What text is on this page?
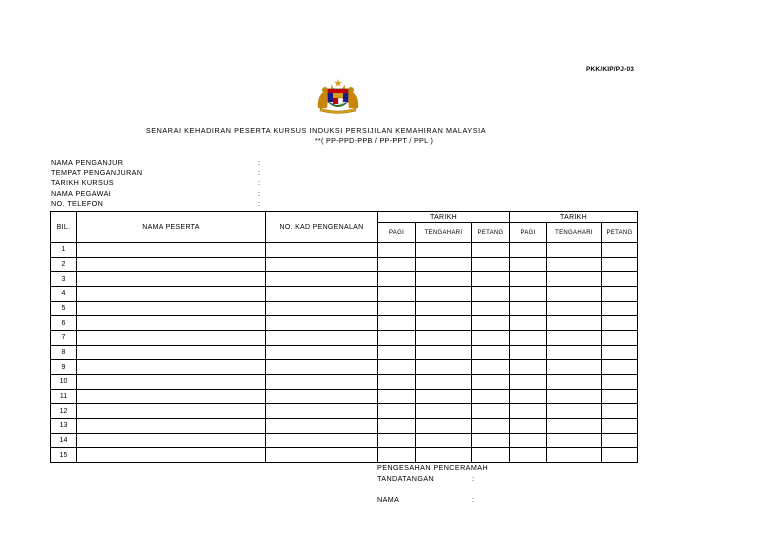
PKK/KIP/PJ-03
SENARAI KEHADIRAN PESERTA KURSUS INDUKSI PERSIJILAN KEMAHIRAN MALAYSIA
**( PP-PPD-PPB / PP-PPT / PPL )
NAMA PENGANJUR	:
TEMPAT PENGANJURAN	:
TARIKH KURSUS	:
NAMA PEGAWAI	:
NO. TELEFON	:
BIL.	NAMA PESERTA	NO. KAD PENGENALAN	TARIKH			TARIKH		
			PAGI	TENGAHARI	PETANG	PAGI	TENGAHARI	PETANG
1								
2								
3								
4								
5								
6								
7								
8								
9								
10								
11								
12								
13								
14								
15								
PENGESAHAN PENCERAMAH
TANDATANGAN	:
NAMA	:
